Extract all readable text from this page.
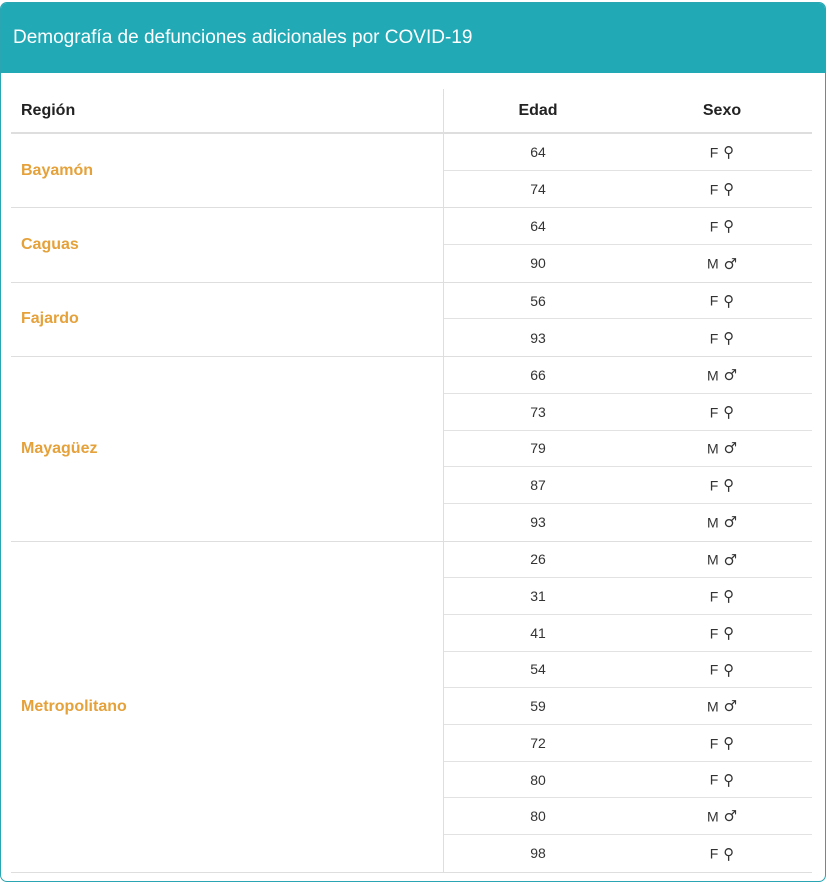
Demografía de defunciones adicionales por COVID-19
Región	Edad	Sexo
Bayamón
64	F ⚲
74	F ⚲
Caguas
64	F ⚲
90	M ♂
Fajardo
56	F ⚲
93	F ⚲
Mayagüez
66	M ♂
73	F ⚲
79	M ♂
87	F ⚲
93	M ♂
Metropolitano
26	M ♂
31	F ⚲
41	F ⚲
54	F ⚲
59	M ♂
72	F ⚲
80	F ⚲
80	M ♂
98	F ⚲
